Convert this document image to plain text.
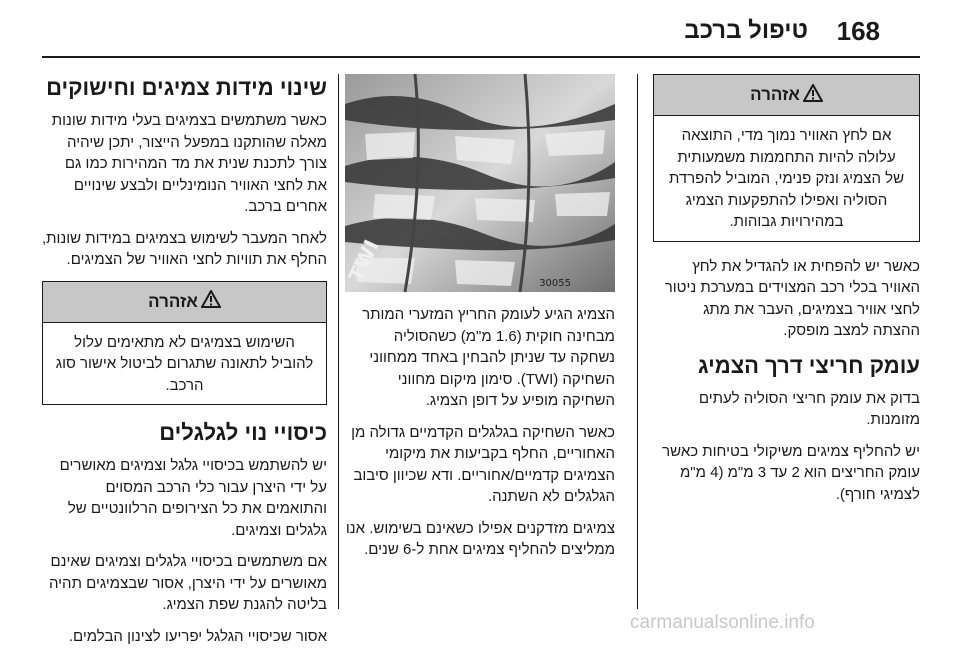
168
טיפול ברכב
אזהרה
אם לחץ האוויר נמוך מדי, התוצאה עלולה להיות התחממות משמעותית של הצמיג ונזק פנימי, המוביל להפרדת הסוליה ואפילו להתפקעות הצמיג במהירויות גבוהות.

כאשר יש להפחית או להגדיל את לחץ האוויר בכלי רכב המצוידים במערכת ניטור לחצי אוויר בצמיגים, העבר את מתג ההצתה למצב מופסק.

עומק חריצי דרך הצמיג

בדוק את עומק חריצי הסוליה לעתים מזומנות.

יש להחליף צמיגים משיקולי בטיחות כאשר עומק החריצים הוא 2 עד 3 מ"מ (4 מ"מ לצמיגי חורף).

TWI	30055

הצמיג הגיע לעומק החריץ המזערי המותר מבחינה חוקית (1.6 מ"מ) כשהסוליה נשחקה עד שניתן להבחין באחד ממחווני השחיקה (TWI). סימון מיקום מחווני השחיקה מופיע על דופן הצמיג.

כאשר השחיקה בגלגלים הקדמיים גדולה מן האחוריים, החלף בקביעות את מיקומי הצמיגים קדמיים/אחוריים. ודא שכיוון סיבוב הגלגלים לא השתנה.

צמיגים מזדקנים אפילו כשאינם בשימוש. אנו ממליצים להחליף צמיגים אחת ל-6 שנים.

שינוי מידות צמיגים וחישוקים

כאשר משתמשים בצמיגים בעלי מידות שונות מאלה שהותקנו במפעל הייצור, יתכן שיהיה צורך לתכנת שנית את מד המהירות כמו גם את לחצי האוויר הנומינליים ולבצע שינויים אחרים ברכב.

לאחר המעבר לשימוש בצמיגים במידות שונות, החלף את תוויות לחצי האוויר של הצמיגים.

אזהרה
השימוש בצמיגים לא מתאימים עלול להוביל לתאונה שתגרום לביטול אישור סוג הרכב.
כיסויי נוי לגלגלים

יש להשתמש בכיסויי גלגל וצמיגים מאושרים על ידי היצרן עבור כלי הרכב המסוים והתואמים את כל הצירופים הרלוונטיים של גלגלים וצמיגים.

אם משתמשים בכיסויי גלגלים וצמיגים שאינם מאושרים על ידי היצרן, אסור שבצמיגים תהיה בליטה להגנת שפת הצמיג.

אסור שכיסויי הגלגל יפריעו לצינון הבלמים.

carmanualsonline.info
